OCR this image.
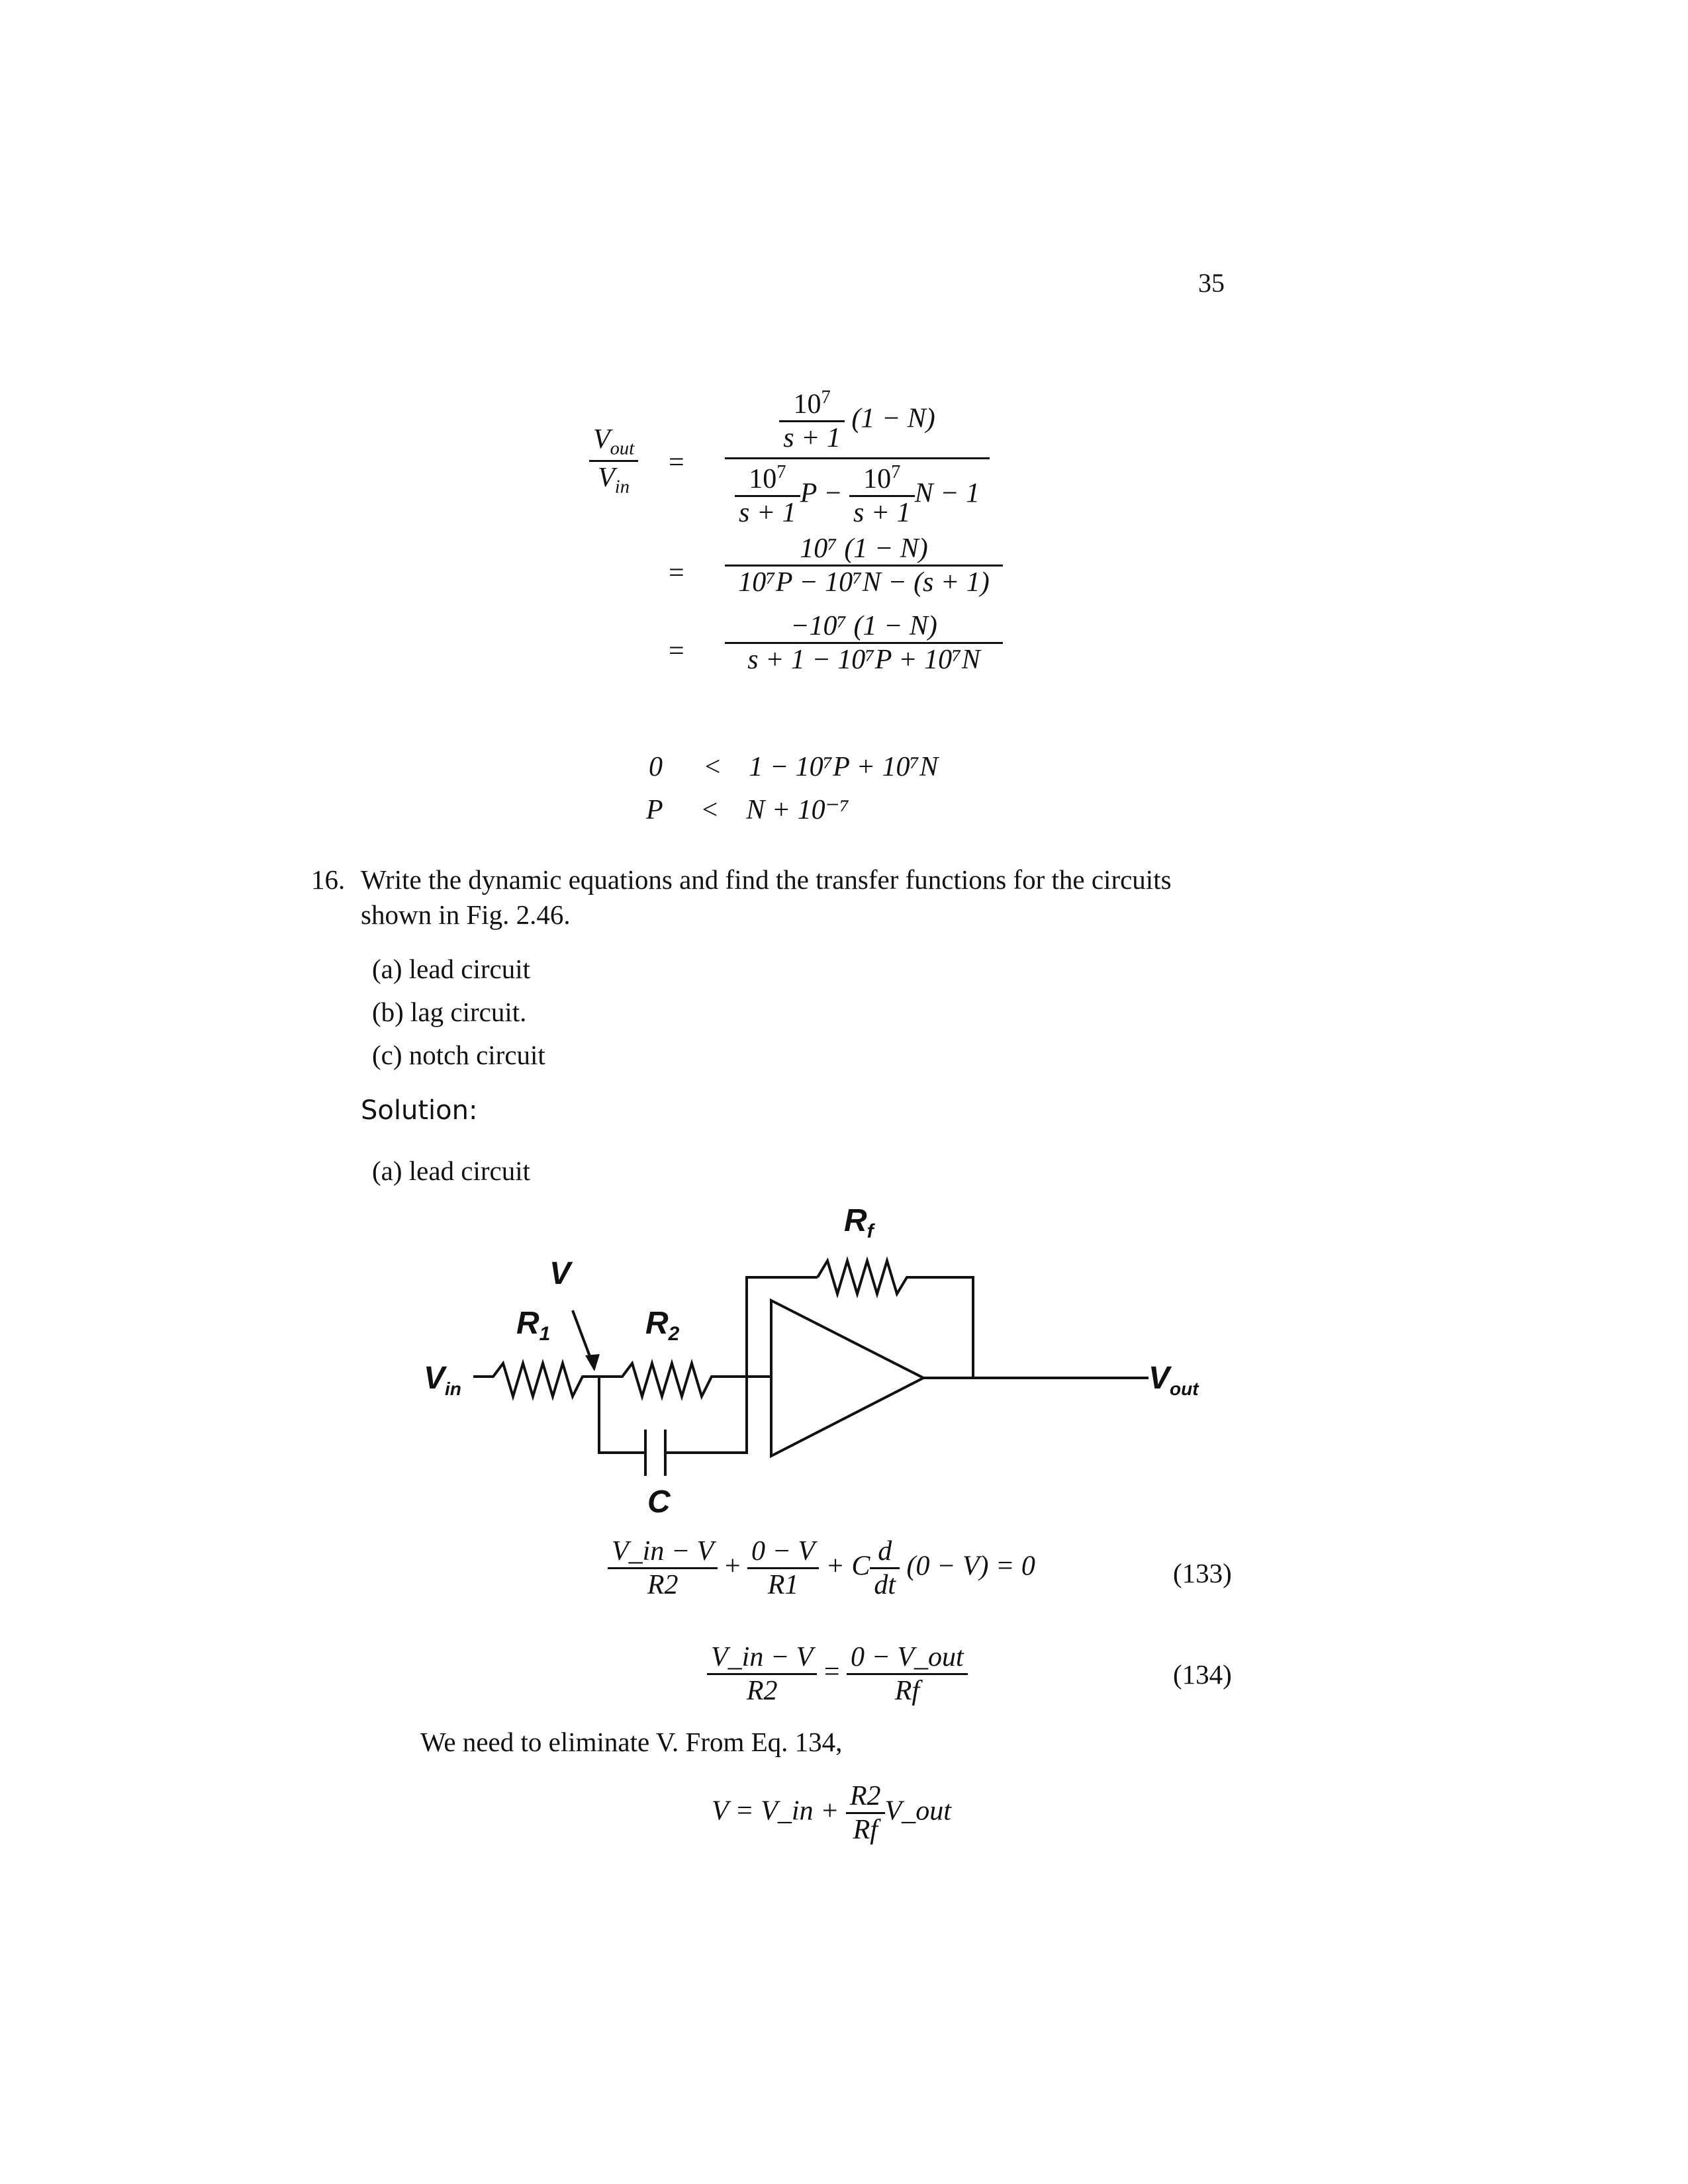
35
$\frac{V_{out}}{V_{in}}$ =
$\frac{10^7}{s + 1} (1 - N)$
$\frac{10^7}{s + 1}$ $P - \frac{10^7}{s + 1}$ N − 1
=
10⁷ (1 − N)
10⁷P − 10⁷N − (s + 1)
=
−10⁷ (1 − N)
s + 1 − 10⁷P + 10⁷N
0 < 1 − 10⁷P + 10⁷N
P < N + 10⁻⁷
16. Write the dynamic equations and find the transfer functions for the circuits
shown in Fig. 2.46.
(a) lead circuit
(b) lag circuit.
(c) notch circuit
Solution:
(a) lead circuit
$R_f$
V
$R_1$	$R_2$
$V_{in}$	$V_{out}$
C
$\frac{V\_in - V}{R2} + \frac{0 - V}{R1} + C \frac{d}{dt} (0 - V) = 0$	(133)
$\frac{V\_in - V}{R2} = \frac{\text{0 − V\_out}}{Rf}$	(134)
We need to eliminate V. From Eq. 134,
V = V_in + $\frac{R2}{Rf}$ V_out
